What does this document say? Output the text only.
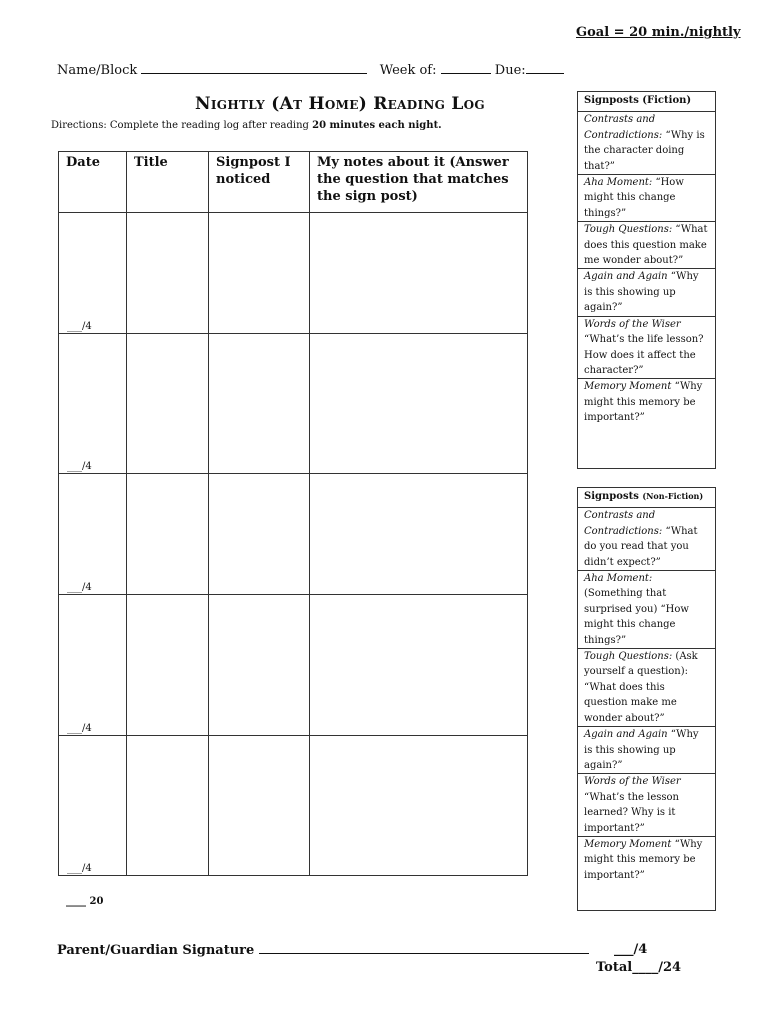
Goal = 20 min./nightly
Name/Block	Week of:	Due:
Nightly (At Home) Reading Log
Directions: Complete the reading log after reading 20 minutes each night.
Date	Title	Signpost I noticed	My notes about it (Answer the question that matches the sign post)

___/4			

___/4			

___/4			

___/4			

___/4			

____ 20
Signposts (Fiction)
Contrasts and Contradictions: “Why is the character doing that?”
Aha Moment: “How might this change things?”
Tough Questions: “What does this question make me wonder about?”
Again and Again “Why is this showing up again?”
Words of the Wiser “What’s the life lesson? How does it affect the character?”
Memory Moment “Why might this memory be important?”
Signposts (Non-Fiction)
Contrasts and Contradictions: “What do you read that you didn’t expect?”
Aha Moment: (Something that surprised you) “How might this change things?”
Tough Questions: (Ask yourself a question): “What does this question make me wonder about?”
Again and Again “Why is this showing up again?”
Words of the Wiser “What’s the lesson learned? Why is it important?”
Memory Moment “Why might this memory be important?”
Parent/Guardian Signature	___/4
Total____/24
